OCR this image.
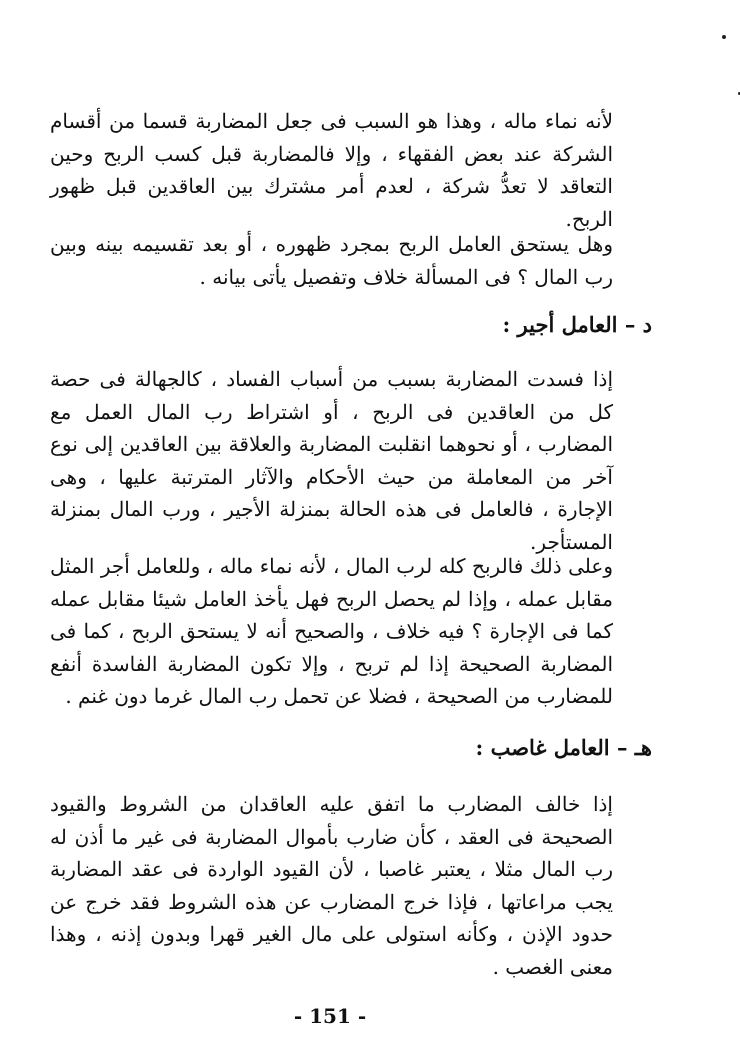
لأنه نماء ماله ، وهذا هو السبب فى جعل المضاربة قسما من أقسام الشركة عند بعض الفقهاء ، وإلا فالمضاربة قبل كسب الربح وحين التعاقد لا تعدُّ شركة ، لعدم أمر مشترك بين العاقدين قبل ظهور الربح.

وهل يستحق العامل الربح بمجرد ظهوره ، أو بعد تقسيمه بينه وبين رب المال ؟ فى المسألة خلاف وتفصيل يأتى بيانه .

د – العامل أجير :

إذا فسدت المضاربة بسبب من أسباب الفساد ، كالجهالة فى حصة كل من العاقدين فى الربح ، أو اشتراط رب المال العمل مع المضارب ، أو نحوهما انقلبت المضاربة والعلاقة بين العاقدين إلى نوع آخر من المعاملة من حيث الأحكام والآثار المترتبة عليها ، وهى الإجارة ، فالعامل فى هذه الحالة بمنزلة الأجير ، ورب المال بمنزلة المستأجر.

وعلى ذلك فالربح كله لرب المال ، لأنه نماء ماله ، وللعامل أجر المثل مقابل عمله ، وإذا لم يحصل الربح فهل يأخذ العامل شيئا مقابل عمله كما فى الإجارة ؟ فيه خلاف ، والصحيح أنه لا يستحق الربح ، كما فى المضاربة الصحيحة إذا لم تربح ، وإلا تكون المضاربة الفاسدة أنفع للمضارب من الصحيحة ، فضلا عن تحمل رب المال غرما دون غنم .

هـ – العامل غاصب :

إذا خالف المضارب ما اتفق عليه العاقدان من الشروط والقيود الصحيحة فى العقد ، كأن ضارب بأموال المضاربة فى غير ما أذن له رب المال مثلا ، يعتبر غاصبا ، لأن القيود الواردة فى عقد المضاربة يجب مراعاتها ، فإذا خرج المضارب عن هذه الشروط فقد خرج عن حدود الإذن ، وكأنه استولى على مال الغير قهرا وبدون إذنه ، وهذا معنى الغصب .

- 151 -
